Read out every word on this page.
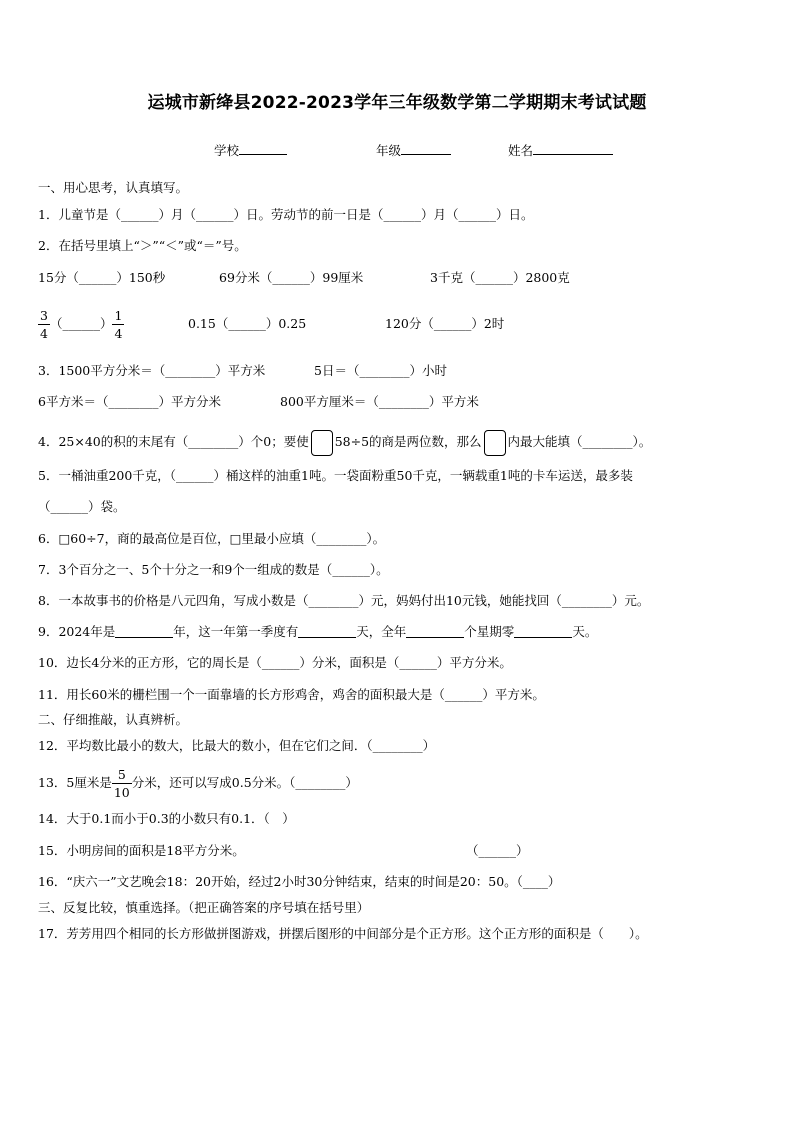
运城市新绛县2022-2023学年三年级数学第二学期期末考试试题
学校	年级	姓名
一、用心思考，认真填写。
1．儿童节是（______）月（______）日。劳动节的前一日是（______）月（______）日。
2．在括号里填上“＞”“＜”或“＝”号。
15分（______）150秒	69分米（______）99厘米	3千克（______）2800克
$\frac{3}{4}$ （______） $\frac{1}{4}$	0.15（______）0.25	120分（______）2时
3．1500平方分米＝（________）平方米	5日＝（________）小时
6平方米＝（________）平方分米	800平方厘米＝（________）平方米
4．25×40的积的末尾有（________）个0；要使 58÷5的商是两位数，那么 内最大能填（________）。
5．一桶油重200千克，（______）桶这样的油重1吨。一袋面粉重50千克，一辆载重1吨的卡车运送，最多装
（______）袋。
6．□60÷7，商的最高位是百位，□里最小应填（________）。
7．3个百分之一、5个十分之一和9个一组成的数是（______）。
8．一本故事书的价格是八元四角，写成小数是（________）元，妈妈付出10元钱，她能找回（________）元。
9．2024年是	年，这一年第一季度有	天，全年	个星期零	天。
10．边长4分米的正方形，它的周长是（______）分米，面积是（______）平方分米。
11．用长60米的栅栏围一个一面靠墙的长方形鸡舍，鸡舍的面积最大是（______）平方米。
二、仔细推敲，认真辨析。
12．平均数比最小的数大，比最大的数小，但在它们之间．（________）
13．5厘米是 $\frac{5}{10}$ 分米，还可以写成0.5分米。（________）
14．大于0.1而小于0.3的小数只有0.1．（　）
15．小明房间的面积是18平方分米。	（______）
16．“庆六一”文艺晚会18：20开始，经过2小时30分钟结束，结束的时间是20：50。（____）
三、反复比较，慎重选择。（把正确答案的序号填在括号里）
17．芳芳用四个相同的长方形做拼图游戏，拼摆后图形的中间部分是个正方形。这个正方形的面积是（　　）。
